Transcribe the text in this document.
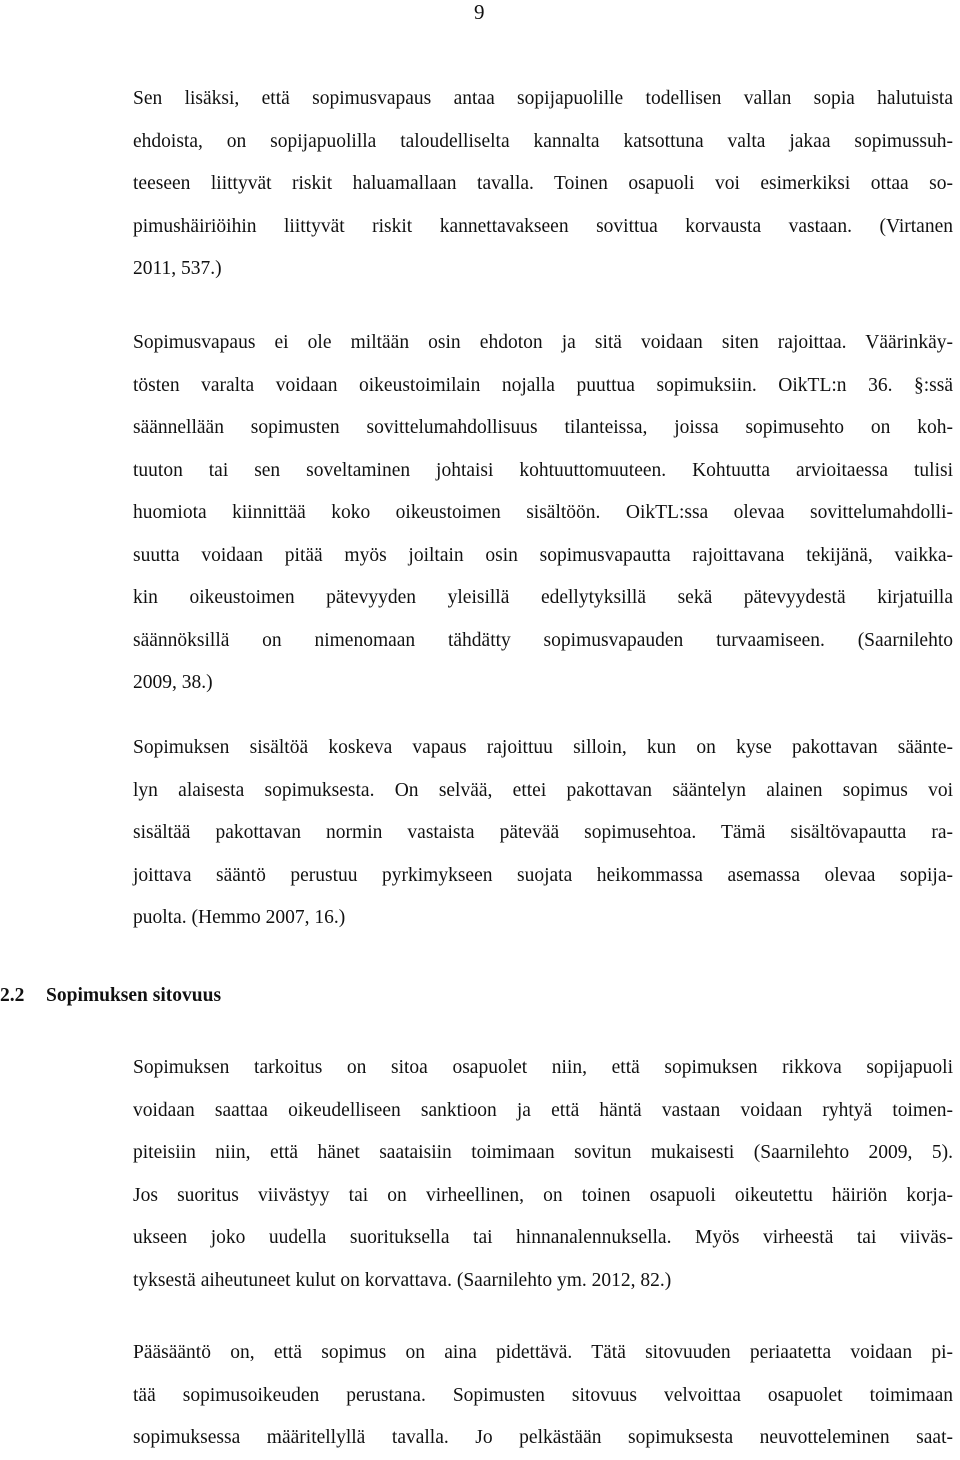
9
Sen lisäksi, että sopimusvapaus antaa sopijapuolille todellisen vallan sopia halutuista
ehdoista, on sopijapuolilla taloudelliselta kannalta katsottuna valta jakaa sopimussuh-
teeseen liittyvät riskit haluamallaan tavalla. Toinen osapuoli voi esimerkiksi ottaa so-
pimushäiriöihin liittyvät riskit kannettavakseen sovittua korvausta vastaan. (Virtanen
2011, 537.)
Sopimusvapaus ei ole miltään osin ehdoton ja sitä voidaan siten rajoittaa. Väärinkäy-
tösten varalta voidaan oikeustoimilain nojalla puuttua sopimuksiin. OikTL:n 36. §:ssä
säännellään sopimusten sovittelumahdollisuus tilanteissa, joissa sopimusehto on koh-
tuuton tai sen soveltaminen johtaisi kohtuuttomuuteen. Kohtuutta arvioitaessa tulisi
huomiota kiinnittää koko oikeustoimen sisältöön. OikTL:ssa olevaa sovittelumahdolli-
suutta voidaan pitää myös joiltain osin sopimusvapautta rajoittavana tekijänä, vaikka-
kin oikeustoimen pätevyyden yleisillä edellytyksillä sekä pätevyydestä kirjatuilla
säännöksillä on nimenomaan tähdätty sopimusvapauden turvaamiseen. (Saarnilehto
2009, 38.)
Sopimuksen sisältöä koskeva vapaus rajoittuu silloin, kun on kyse pakottavan säänte-
lyn alaisesta sopimuksesta. On selvää, ettei pakottavan sääntelyn alainen sopimus voi
sisältää pakottavan normin vastaista pätevää sopimusehtoa. Tämä sisältövapautta ra-
joittava sääntö perustuu pyrkimykseen suojata heikommassa asemassa olevaa sopija-
puolta. (Hemmo 2007, 16.)
2.2 Sopimuksen sitovuus
Sopimuksen tarkoitus on sitoa osapuolet niin, että sopimuksen rikkova sopijapuoli
voidaan saattaa oikeudelliseen sanktioon ja että häntä vastaan voidaan ryhtyä toimen-
piteisiin niin, että hänet saataisiin toimimaan sovitun mukaisesti (Saarnilehto 2009, 5).
Jos suoritus viivästyy tai on virheellinen, on toinen osapuoli oikeutettu häiriön korja-
ukseen joko uudella suorituksella tai hinnanalennuksella. Myös virheestä tai viiväs-
tyksestä aiheutuneet kulut on korvattava. (Saarnilehto ym. 2012, 82.)
Pääsääntö on, että sopimus on aina pidettävä. Tätä sitovuuden periaatetta voidaan pi-
tää sopimusoikeuden perustana. Sopimusten sitovuus velvoittaa osapuolet toimimaan
sopimuksessa määritellyllä tavalla. Jo pelkästään sopimuksesta neuvotteleminen saat-
